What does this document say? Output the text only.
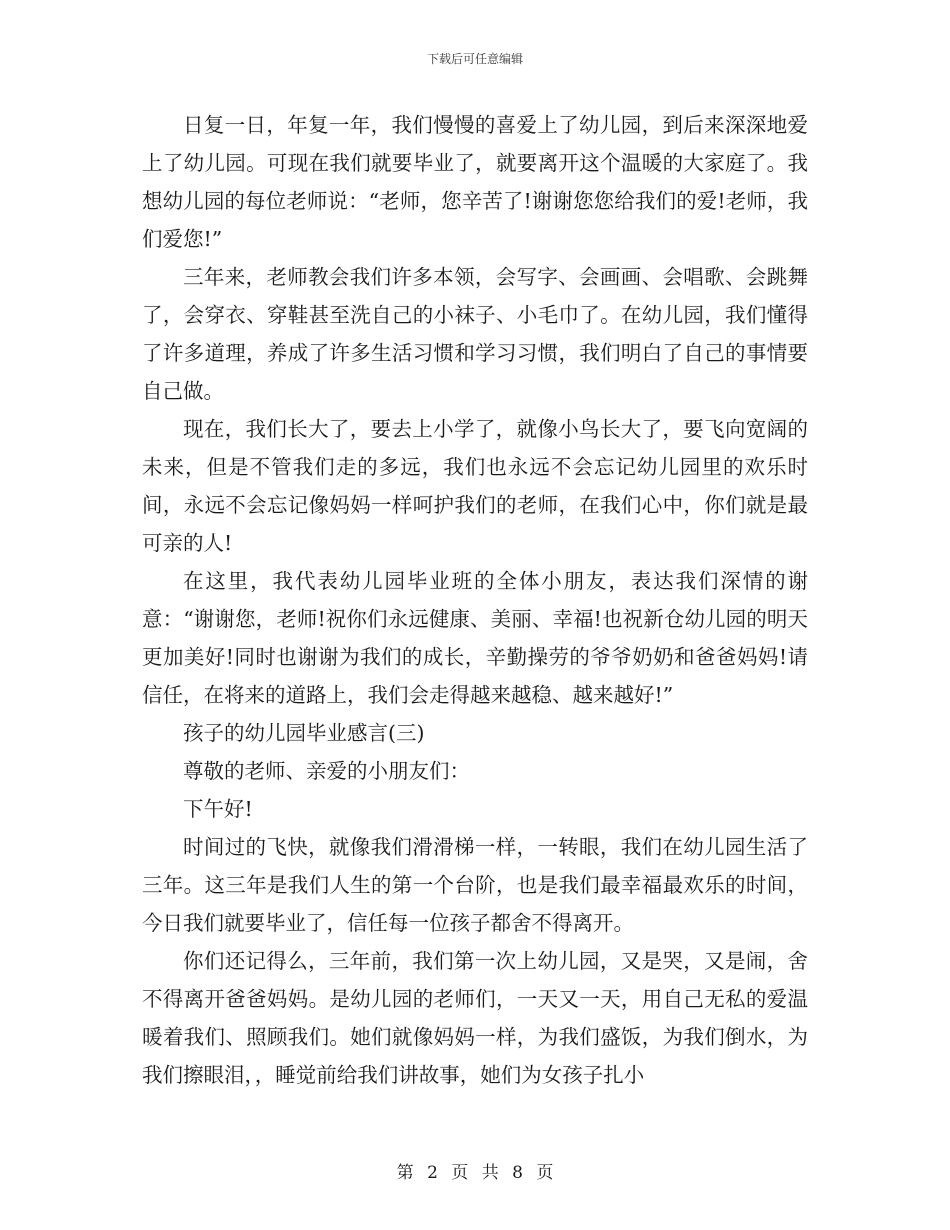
下载后可任意编辑

日复一日，年复一年，我们慢慢的喜爱上了幼儿园，到后来深深地爱上了幼儿园。可现在我们就要毕业了，就要离开这个温暖的大家庭了。我想幼儿园的每位老师说：“老师，您辛苦了!谢谢您您给我们的爱!老师，我们爱您!”

三年来，老师教会我们许多本领，会写字、会画画、会唱歌、会跳舞了，会穿衣、穿鞋甚至洗自己的小袜子、小毛巾了。在幼儿园，我们懂得了许多道理，养成了许多生活习惯和学习习惯，我们明白了自己的事情要自己做。

现在，我们长大了，要去上小学了，就像小鸟长大了，要飞向宽阔的未来，但是不管我们走的多远，我们也永远不会忘记幼儿园里的欢乐时间，永远不会忘记像妈妈一样呵护我们的老师，在我们心中，你们就是最可亲的人!

在这里，我代表幼儿园毕业班的全体小朋友，表达我们深情的谢意：“谢谢您，老师!祝你们永远健康、美丽、幸福!也祝新仓幼儿园的明天更加美好!同时也谢谢为我们的成长，辛勤操劳的爷爷奶奶和爸爸妈妈!请信任，在将来的道路上，我们会走得越来越稳、越来越好!”

孩子的幼儿园毕业感言(三)

尊敬的老师、亲爱的小朋友们：

下午好!

时间过的飞快，就像我们滑滑梯一样，一转眼，我们在幼儿园生活了三年。这三年是我们人生的第一个台阶，也是我们最幸福最欢乐的时间，今日我们就要毕业了，信任每一位孩子都舍不得离开。

你们还记得么，三年前，我们第一次上幼儿园，又是哭，又是闹，舍不得离开爸爸妈妈。是幼儿园的老师们，一天又一天，用自己无私的爱温暖着我们、照顾我们。她们就像妈妈一样，为我们盛饭，为我们倒水，为我们擦眼泪，，睡觉前给我们讲故事，她们为女孩子扎小

第 2 页 共 8 页
